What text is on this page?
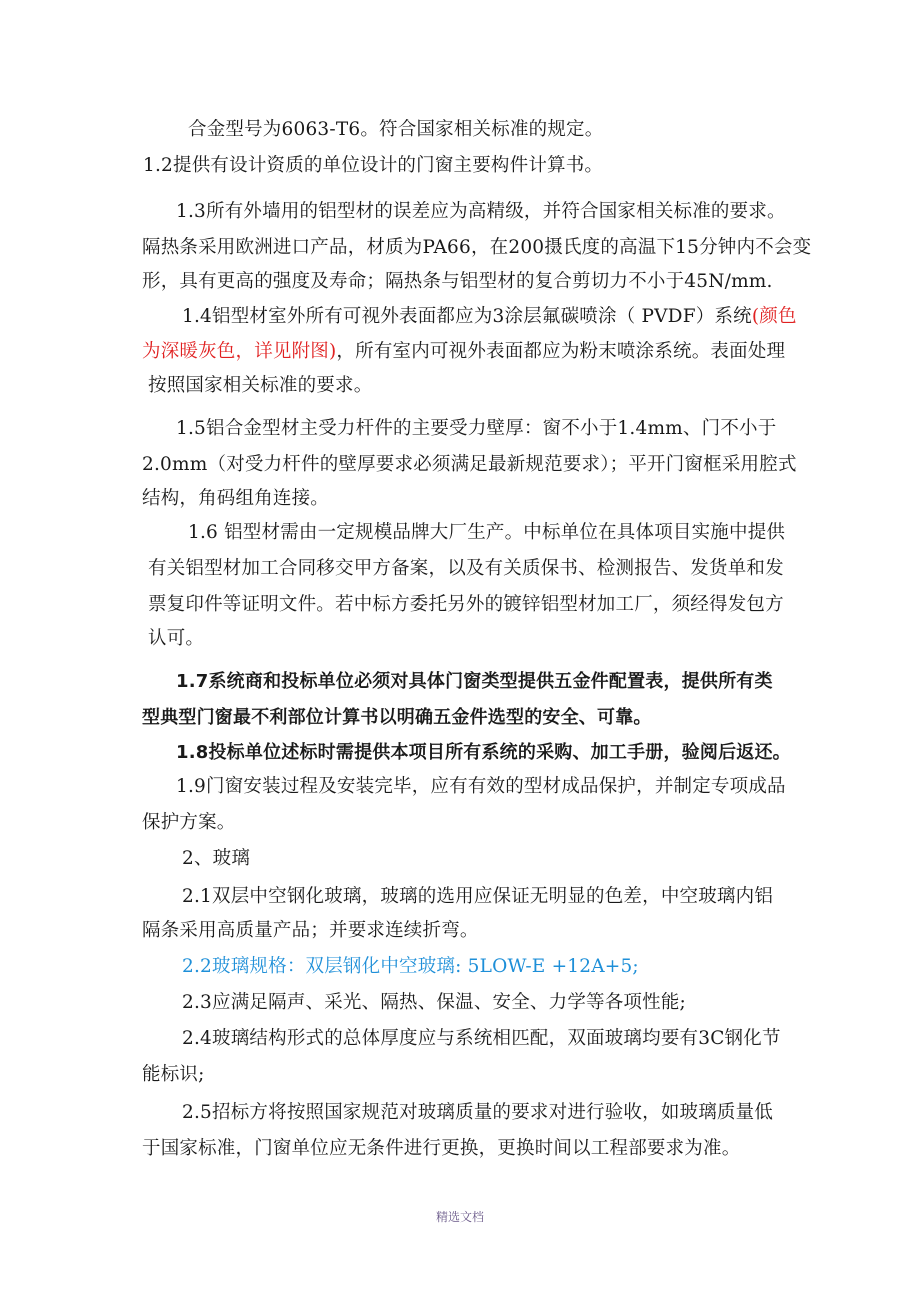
合金型号为6063-T6。符合国家相关标准的规定。
1.2提供有设计资质的单位设计的门窗主要构件计算书。
1.3所有外墙用的铝型材的误差应为高精级，并符合国家相关标准的要求。
隔热条采用欧洲进口产品，材质为PA66，在200摄氏度的高温下15分钟内不会变
形，具有更高的强度及寿命；隔热条与铝型材的复合剪切力不小于45N/mm.
1.4铝型材室外所有可视外表面都应为3涂层氟碳喷涂（ PVDF）系统(颜色
为深暖灰色，详见附图)，所有室内可视外表面都应为粉末喷涂系统。表面处理
按照国家相关标准的要求。
1.5铝合金型材主受力杆件的主要受力壁厚：窗不小于1.4mm、门不小于
2.0mm（对受力杆件的壁厚要求必须满足最新规范要求）；平开门窗框采用腔式
结构，角码组角连接。
1.6 铝型材需由一定规模品牌大厂生产。中标单位在具体项目实施中提供
有关铝型材加工合同移交甲方备案，以及有关质保书、检测报告、发货单和发
票复印件等证明文件。若中标方委托另外的镀锌铝型材加工厂，须经得发包方
认可。
1.7系统商和投标单位必须对具体门窗类型提供五金件配置表，提供所有类
型典型门窗最不利部位计算书以明确五金件选型的安全、可靠。
1.8投标单位述标时需提供本项目所有系统的采购、加工手册，验阅后返还。
1.9门窗安装过程及安装完毕，应有有效的型材成品保护，并制定专项成品
保护方案。
2、玻璃
2.1双层中空钢化玻璃，玻璃的选用应保证无明显的色差，中空玻璃内铝
隔条采用高质量产品；并要求连续折弯。
2.2玻璃规格：双层钢化中空玻璃: 5LOW-E +12A+5;
2.3应满足隔声、采光、隔热、保温、安全、力学等各项性能;
2.4玻璃结构形式的总体厚度应与系统相匹配，双面玻璃均要有3C钢化节
能标识;
2.5招标方将按照国家规范对玻璃质量的要求对进行验收，如玻璃质量低
于国家标准，门窗单位应无条件进行更换，更换时间以工程部要求为准。
精选文档
